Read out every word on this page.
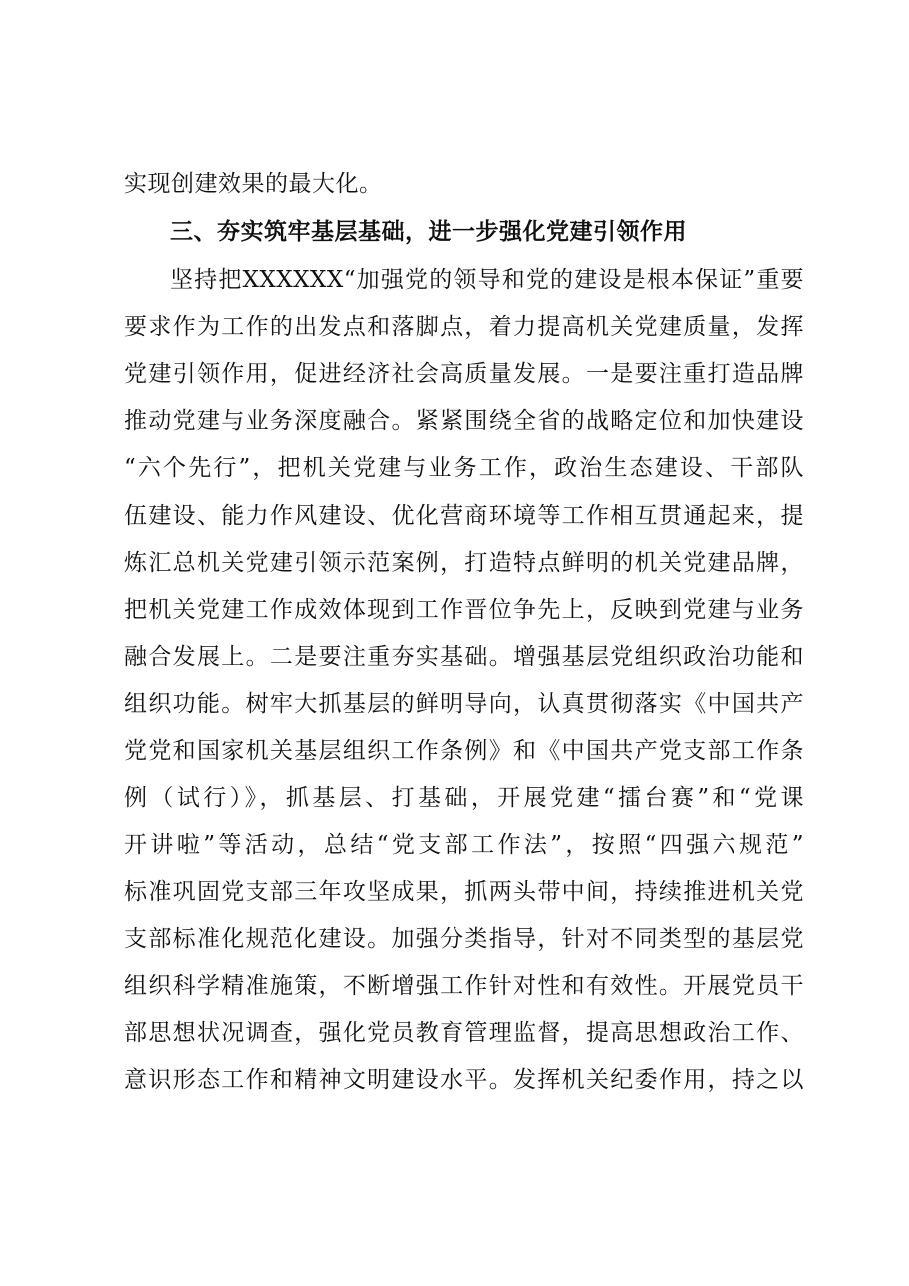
实现创建效果的最大化。
三、夯实筑牢基层基础，进一步强化党建引领作用
坚持把XXXXXX“加强党的领导和党的建设是根本保证”重要
要求作为工作的出发点和落脚点，着力提高机关党建质量，发挥
党建引领作用，促进经济社会高质量发展。一是要注重打造品牌
推动党建与业务深度融合。紧紧围绕全省的战略定位和加快建设
“六个先行”，把机关党建与业务工作，政治生态建设、干部队
伍建设、能力作风建设、优化营商环境等工作相互贯通起来，提
炼汇总机关党建引领示范案例，打造特点鲜明的机关党建品牌，
把机关党建工作成效体现到工作晋位争先上，反映到党建与业务
融合发展上。二是要注重夯实基础。增强基层党组织政治功能和
组织功能。树牢大抓基层的鲜明导向，认真贯彻落实《中国共产
党党和国家机关基层组织工作条例》和《中国共产党支部工作条
例（试行）》，抓基层、打基础，开展党建“擂台赛”和“党课
开讲啦”等活动，总结“党支部工作法”，按照“四强六规范”
标准巩固党支部三年攻坚成果，抓两头带中间，持续推进机关党
支部标准化规范化建设。加强分类指导，针对不同类型的基层党
组织科学精准施策，不断增强工作针对性和有效性。开展党员干
部思想状况调查，强化党员教育管理监督，提高思想政治工作、
意识形态工作和精神文明建设水平。发挥机关纪委作用，持之以
